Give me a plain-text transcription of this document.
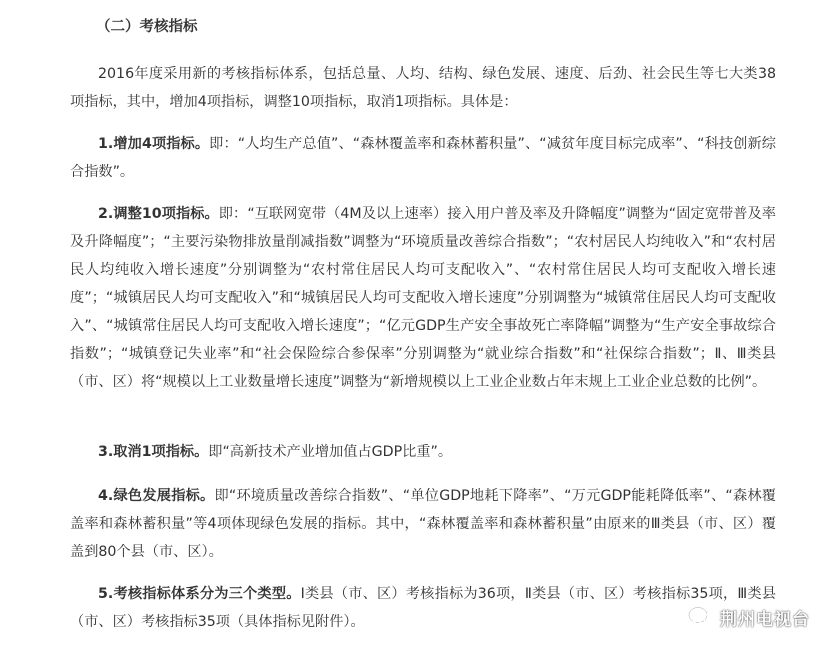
（二）考核指标

2016年度采用新的考核指标体系，包括总量、人均、结构、绿色发展、速度、后劲、社会民生等七大类38项指标，其中，增加4项指标，调整10项指标，取消1项指标。具体是：

1.增加4项指标。即：“人均生产总值”、“森林覆盖率和森林蓄积量”、“减贫年度目标完成率”、“科技创新综合指数”。

2.调整10项指标。即：“互联网宽带（4M及以上速率）接入用户普及率及升降幅度”调整为“固定宽带普及率及升降幅度”；“主要污染物排放量削减指数”调整为“环境质量改善综合指数”；“农村居民人均纯收入”和“农村居民人均纯收入增长速度”分别调整为“农村常住居民人均可支配收入”、“农村常住居民人均可支配收入增长速度”；“城镇居民人均可支配收入”和“城镇居民人均可支配收入增长速度”分别调整为“城镇常住居民人均可支配收入”、“城镇常住居民人均可支配收入增长速度”；“亿元GDP生产安全事故死亡率降幅”调整为“生产安全事故综合指数”；“城镇登记失业率”和“社会保险综合参保率”分别调整为“就业综合指数”和“社保综合指数”；Ⅱ、Ⅲ类县（市、区）将“规模以上工业数量增长速度”调整为“新增规模以上工业企业数占年末规上工业企业总数的比例”。

3.取消1项指标。即“高新技术产业增加值占GDP比重”。

4.绿色发展指标。即“环境质量改善综合指数”、“单位GDP地耗下降率”、“万元GDP能耗降低率”、“森林覆盖率和森林蓄积量”等4项体现绿色发展的指标。其中，“森林覆盖率和森林蓄积量”由原来的Ⅲ类县（市、区）覆盖到80个县（市、区）。

5.考核指标体系分为三个类型。Ⅰ类县（市、区）考核指标为36项，Ⅱ类县（市、区）考核指标35项，Ⅲ类县（市、区）考核指标35项（具体指标见附件）。	荆州电视台
